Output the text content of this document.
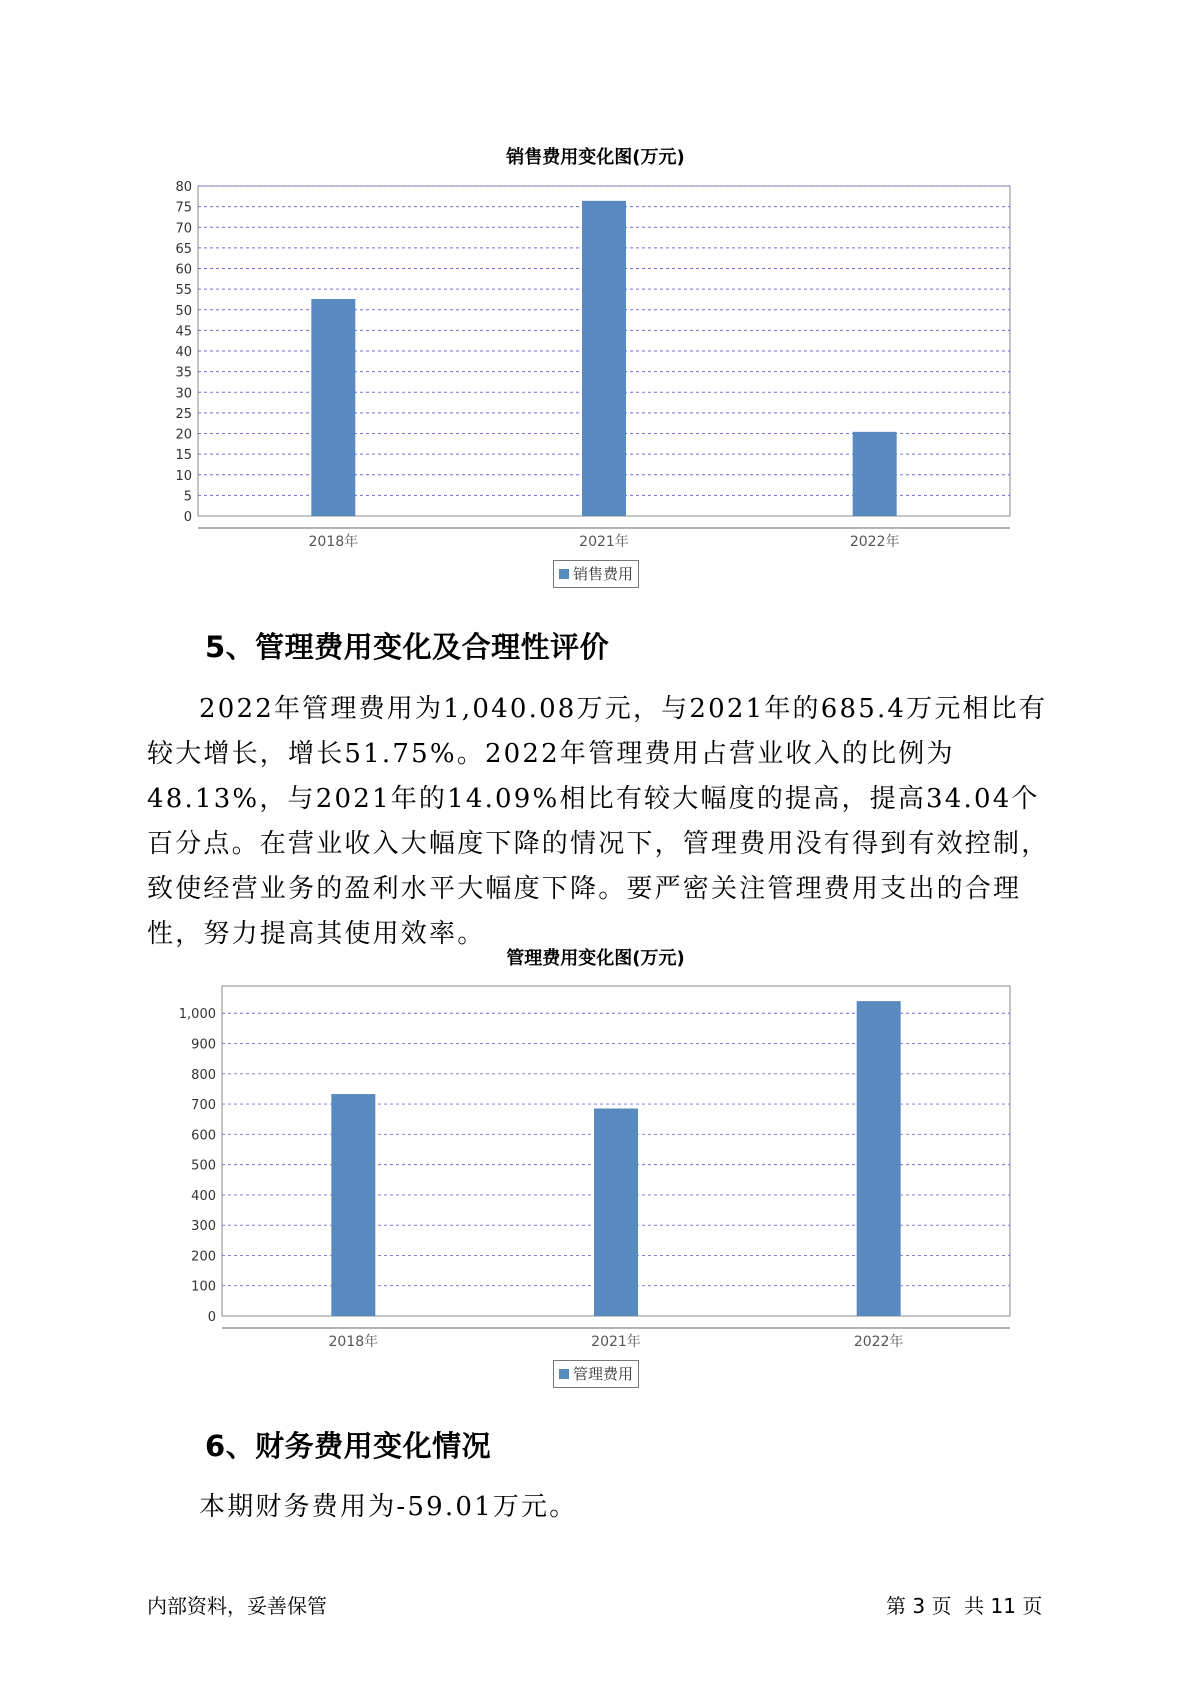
销售费用变化图(万元)
0
5
10
15
20
25
30
35
40
45
50
55
60
65
70
75
80
2018年	2021年	2022年
销售费用
5、管理费用变化及合理性评价

2022年管理费用为1,040.08万元，与2021年的685.4万元相比有较大增长，增长51.75%。2022年管理费用占营业收入的比例为48.13%，与2021年的14.09%相比有较大幅度的提高，提高34.04个百分点。在营业收入大幅度下降的情况下，管理费用没有得到有效控制，致使经营业务的盈利水平大幅度下降。要严密关注管理费用支出的合理性，努力提高其使用效率。

管理费用变化图(万元)
0
100
200
300
400
500
600
700
800
900
1,000
2018年	2021年	2022年
管理费用
6、财务费用变化情况

本期财务费用为-59.01万元。

内部资料，妥善保管	第 3 页  共 11 页
